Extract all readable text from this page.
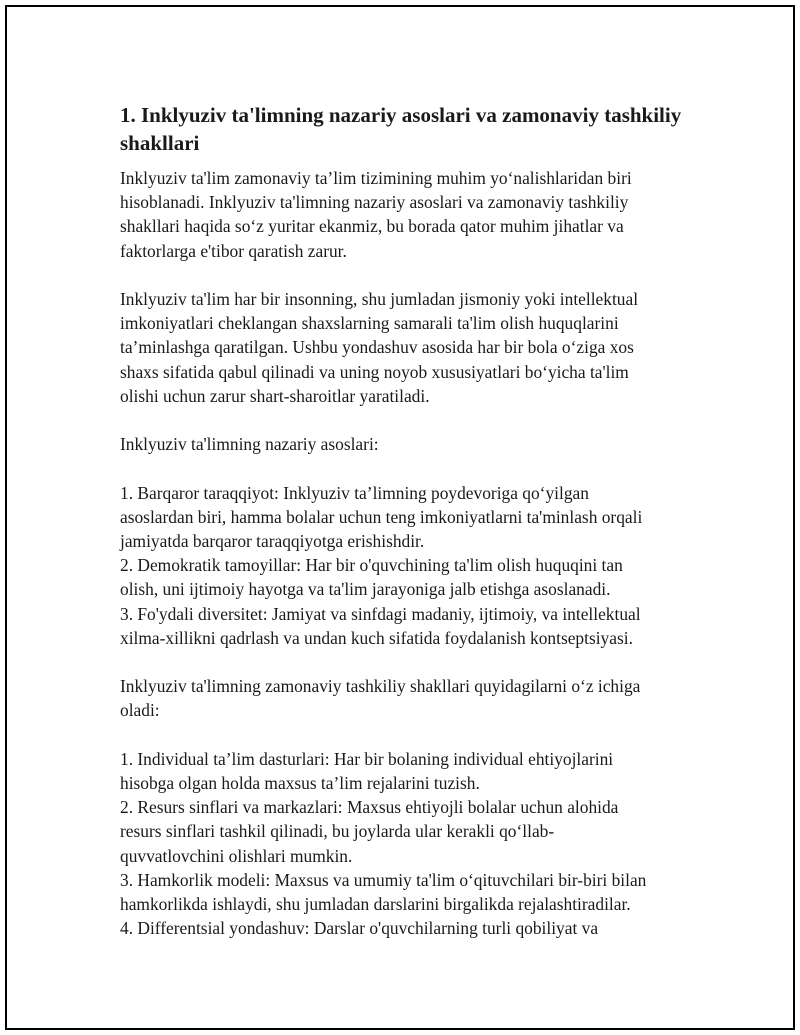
1. Inklyuziv ta'limning nazariy asoslari va zamonaviy tashkiliy
shakllari

Inklyuziv ta'lim zamonaviy ta’lim tizimining muhim yo‘nalishlaridan biri
hisoblanadi. Inklyuziv ta'limning nazariy asoslari va zamonaviy tashkiliy
shakllari haqida so‘z yuritar ekanmiz, bu borada qator muhim jihatlar va
faktorlarga e'tibor qaratish zarur.

Inklyuziv ta'lim har bir insonning, shu jumladan jismoniy yoki intellektual
imkoniyatlari cheklangan shaxslarning samarali ta'lim olish huquqlarini
ta’minlashga qaratilgan. Ushbu yondashuv asosida har bir bola o‘ziga xos
shaxs sifatida qabul qilinadi va uning noyob xususiyatlari bo‘yicha ta'lim
olishi uchun zarur shart-sharoitlar yaratiladi.

Inklyuziv ta'limning nazariy asoslari:

1. Barqaror taraqqiyot: Inklyuziv ta’limning poydevoriga qo‘yilgan
asoslardan biri, hamma bolalar uchun teng imkoniyatlarni ta'minlash orqali
jamiyatda barqaror taraqqiyotga erishishdir.
2. Demokratik tamoyillar: Har bir o'quvchining ta'lim olish huquqini tan
olish, uni ijtimoiy hayotga va ta'lim jarayoniga jalb etishga asoslanadi.
3. Fo'ydali diversitet: Jamiyat va sinfdagi madaniy, ijtimoiy, va intellektual
xilma-xillikni qadrlash va undan kuch sifatida foydalanish kontseptsiyasi.

Inklyuziv ta'limning zamonaviy tashkiliy shakllari quyidagilarni o‘z ichiga
oladi:

1. Individual ta’lim dasturlari: Har bir bolaning individual ehtiyojlarini
hisobga olgan holda maxsus ta’lim rejalarini tuzish.
2. Resurs sinflari va markazlari: Maxsus ehtiyojli bolalar uchun alohida
resurs sinflari tashkil qilinadi, bu joylarda ular kerakli qo‘llab-
quvvatlovchini olishlari mumkin.
3. Hamkorlik modeli: Maxsus va umumiy ta'lim o‘qituvchilari bir-biri bilan
hamkorlikda ishlaydi, shu jumladan darslarini birgalikda rejalashtiradilar.
4. Differentsial yondashuv: Darslar o'quvchilarning turli qobiliyat va
